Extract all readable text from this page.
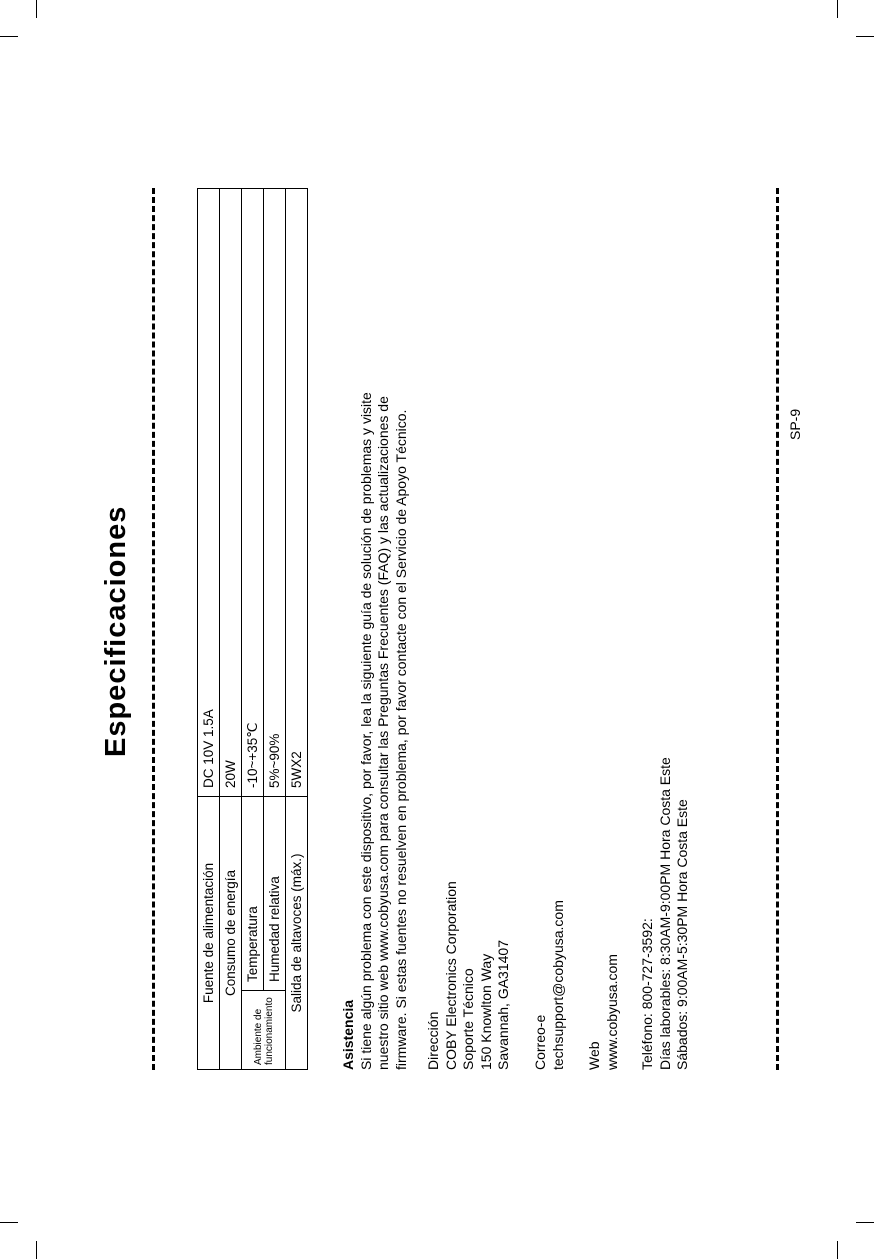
Especificaciones
Fuente de alimentación		DC 10V 1.5A
Consumo de energía		20W
Ambiente de funcionamiento	Temperatura	-10~+35℃
	Humedad relativa	5%~90%
Salida de altavoces (máx.)		5WX2
Asistencia Si tiene algún problema con este dispositivo, por favor, lea la siguiente guía de solución de problemas y visite nuestro sitio web www.cobyusa.com para consultar las Preguntas Frecuentes (FAQ) y las actualizaciones de firmware. Si estas fuentes no resuelven en problema, por favor contacte con el Servicio de Apoyo Técnico. Dirección COBY Electronics Corporation Soporte Técnico 150 Knowlton Way Savannah, GA31407 Correo-e techsupport@cobyusa.com Web www.cobyusa.com Teléfono: 800-727-3592: Días laborables: 8:30AM-9:00PM Hora Costa Este Sábados: 9:00AM-5:30PM Hora Costa Este
SP-9
